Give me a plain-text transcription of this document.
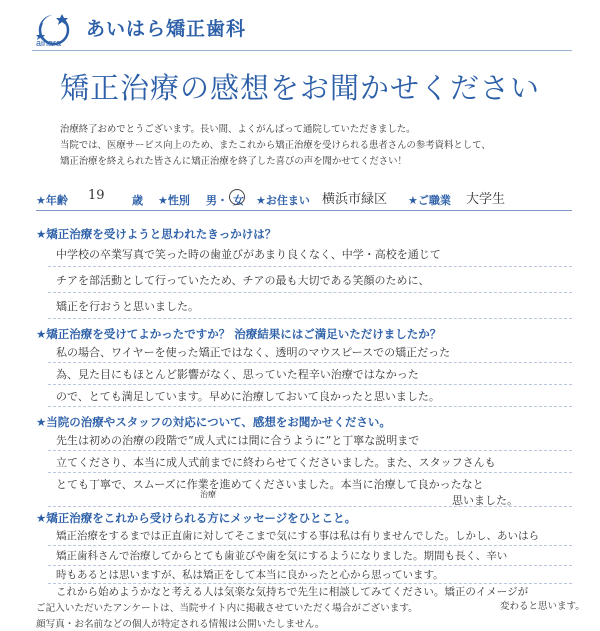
aihara
あいはら矯正歯科
矯正治療の感想をお聞かせください
治療終了おめでとうございます。長い間、よくがんばって通院していただきました。
当院では、医療サービス向上のため、またこれから矯正治療を受けられる患者さんの参考資料として、
矯正治療を終えられた皆さんに矯正治療を終了した喜びの声を聞かせてください！
★年齢 19 歳 ★性別 男・ 女 ★お住まい 横浜市緑区 ★ご職業 大学生
★矯正治療を受けようと思われたきっかけは？
中学校の卒業写真で笑った時の歯並びがあまり良くなく、中学・高校を通じて
チアを部活動として行っていたため、チアの最も大切である笑顔のために、
矯正を行おうと思いました。
★矯正治療を受けてよかったですか？ 治療結果にはご満足いただけましたか？
私の場合、ワイヤーを使った矯正ではなく、透明のマウスピースでの矯正だった
為、見た目にもほとんど影響がなく、思っていた程辛い治療ではなかった
ので、とても満足しています。早めに治療しておいて良かったと思いました。
★当院の治療やスタッフの対応について、感想をお聞かせください。
先生は初めの治療の段階で“成人式には間に合うように”と丁寧な説明まで
立てくださり、本当に成人式前までに終わらせてくださいました。また、スタッフさんも
とても丁寧で、スムーズに作業を進めてくださいました。本当に治療して良かったなと
治療	思いました。
★矯正治療をこれから受けられる方にメッセージをひとこと。
矯正治療をするまでは正直歯に対してそこまで気にする事は私は有りませんでした。しかし、あいはら
矯正歯科さんで治療してからとても歯並びや歯を気にするようになりました。期間も長く、辛い
時もあるとは思いますが、私は矯正をして本当に良かったと心から思っています。
これから始めようかなと考える人は気楽な気持ちで先生に相談してみてください。矯正のイメージが
変わると思います。
ご記入いただいたアンケートは、当院サイト内に掲載させていただく場合がございます。
顔写真・お名前などの個人が特定される情報は公開いたしません。
